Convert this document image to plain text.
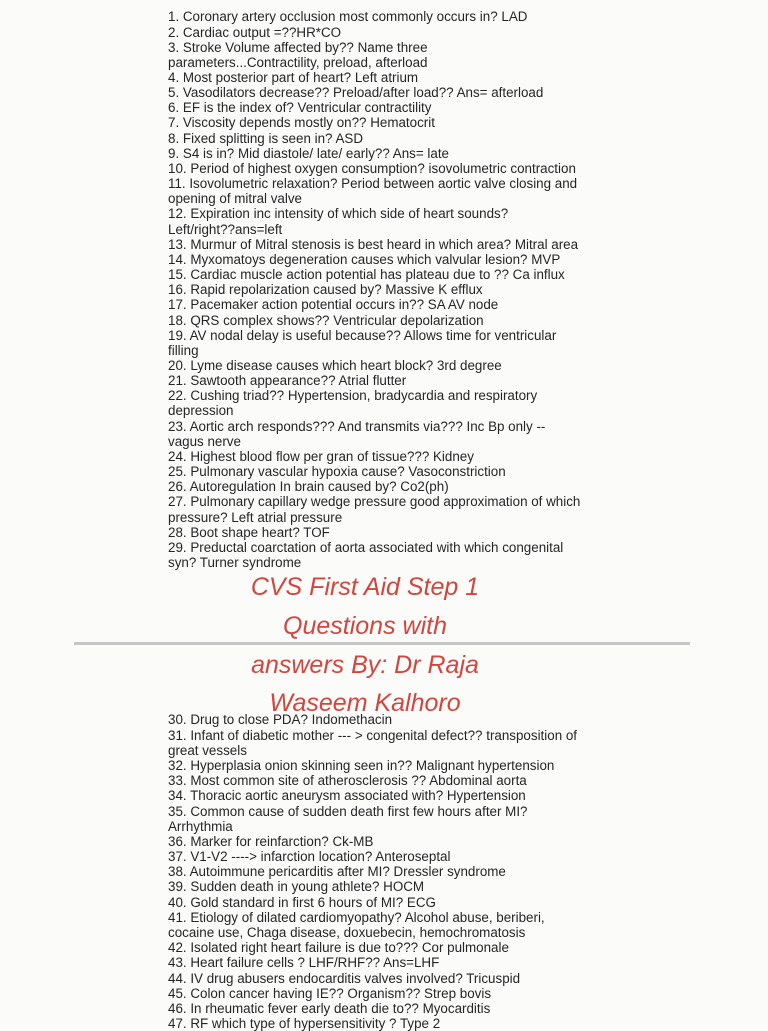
1. Coronary artery occlusion most commonly occurs in? LAD
2. Cardiac output =??HR*CO
3. Stroke Volume affected by?? Name three
parameters...Contractility, preload, afterload
4. Most posterior part of heart? Left atrium
5. Vasodilators decrease?? Preload/after load?? Ans= afterload
6. EF is the index of? Ventricular contractility
7. Viscosity depends mostly on?? Hematocrit
8. Fixed splitting is seen in? ASD
9. S4 is in? Mid diastole/ late/ early?? Ans= late
10. Period of highest oxygen consumption? isovolumetric contraction
11. Isovolumetric relaxation? Period between aortic valve closing and
opening of mitral valve
12. Expiration inc intensity of which side of heart sounds?
Left/right??ans=left
13. Murmur of Mitral stenosis is best heard in which area? Mitral area
14. Myxomatoys degeneration causes which valvular lesion? MVP
15. Cardiac muscle action potential has plateau due to ?? Ca influx
16. Rapid repolarization caused by? Massive K efflux
17. Pacemaker action potential occurs in?? SA AV node
18. QRS complex shows?? Ventricular depolarization
19. AV nodal delay is useful because?? Allows time for ventricular
filling
20. Lyme disease causes which heart block? 3rd degree
21. Sawtooth appearance?? Atrial flutter
22. Cushing triad?? Hypertension, bradycardia and respiratory
depression
23. Aortic arch responds??? And transmits via??? Inc Bp only --
vagus nerve
24. Highest blood flow per gran of tissue??? Kidney
25. Pulmonary vascular hypoxia cause? Vasoconstriction
26. Autoregulation In brain caused by? Co2(ph)
27. Pulmonary capillary wedge pressure good approximation of which
pressure? Left atrial pressure
28. Boot shape heart? TOF
29. Preductal coarctation of aorta associated with which congenital
syn? Turner syndrome
CVS First Aid Step 1
Questions with
answers By: Dr Raja
Waseem Kalhoro
30. Drug to close PDA? Indomethacin
31. Infant of diabetic mother --- > congenital defect?? transposition of
great vessels
32. Hyperplasia onion skinning seen in?? Malignant hypertension
33. Most common site of atherosclerosis ?? Abdominal aorta
34. Thoracic aortic aneurysm associated with? Hypertension
35. Common cause of sudden death first few hours after MI?
Arrhythmia
36. Marker for reinfarction? Ck-MB
37. V1-V2 ----> infarction location? Anteroseptal
38. Autoimmune pericarditis after MI? Dressler syndrome
39. Sudden death in young athlete? HOCM
40. Gold standard in first 6 hours of MI? ECG
41. Etiology of dilated cardiomyopathy? Alcohol abuse, beriberi,
cocaine use, Chaga disease, doxuebecin, hemochromatosis
42. Isolated right heart failure is due to??? Cor pulmonale
43. Heart failure cells ? LHF/RHF?? Ans=LHF
44. IV drug abusers endocarditis valves involved? Tricuspid
45. Colon cancer having IE?? Organism?? Strep bovis
46. In rheumatic fever early death die to?? Myocarditis
47. RF which type of hypersensitivity ? Type 2
